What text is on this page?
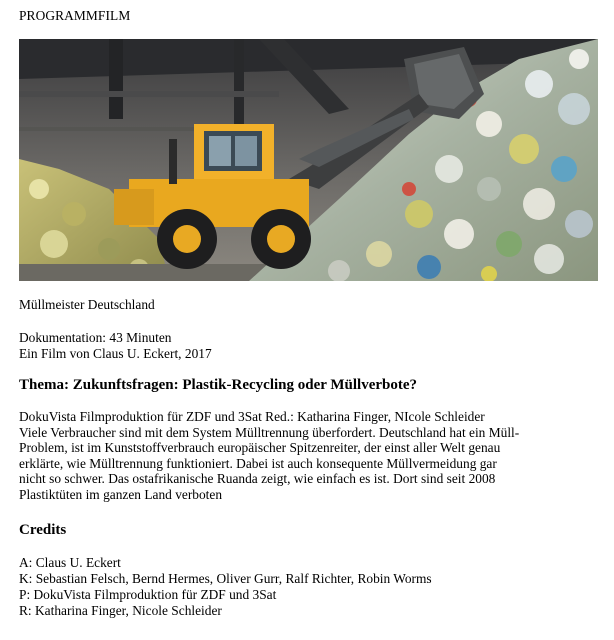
PROGRAMMFILM
Müllmeister Deutschland
Dokumentation: 43 Minuten
Ein Film von Claus U. Eckert, 2017
Thema: Zukunftsfragen: Plastik-Recycling oder Müllverbote?

DokuVista Filmproduktion für ZDF und 3Sat Red.: Katharina Finger, NIcole Schleider

Viele Verbraucher sind mit dem System Mülltrennung überfordert. Deutschland hat ein Müll-

Problem, ist im Kunststoffverbrauch europäischer Spitzenreiter, der einst aller Welt genau

erklärte, wie Mülltrennung funktioniert. Dabei ist auch konsequente Müllvermeidung gar

nicht so schwer. Das ostafrikanische Ruanda zeigt, wie einfach es ist. Dort sind seit 2008

Plastiktüten im ganzen Land verboten

Credits
A: Claus U. Eckert
K: Sebastian Felsch, Bernd Hermes, Oliver Gurr, Ralf Richter, Robin Worms
P: DokuVista Filmproduktion für ZDF und 3Sat
R: Katharina Finger, Nicole Schleider
